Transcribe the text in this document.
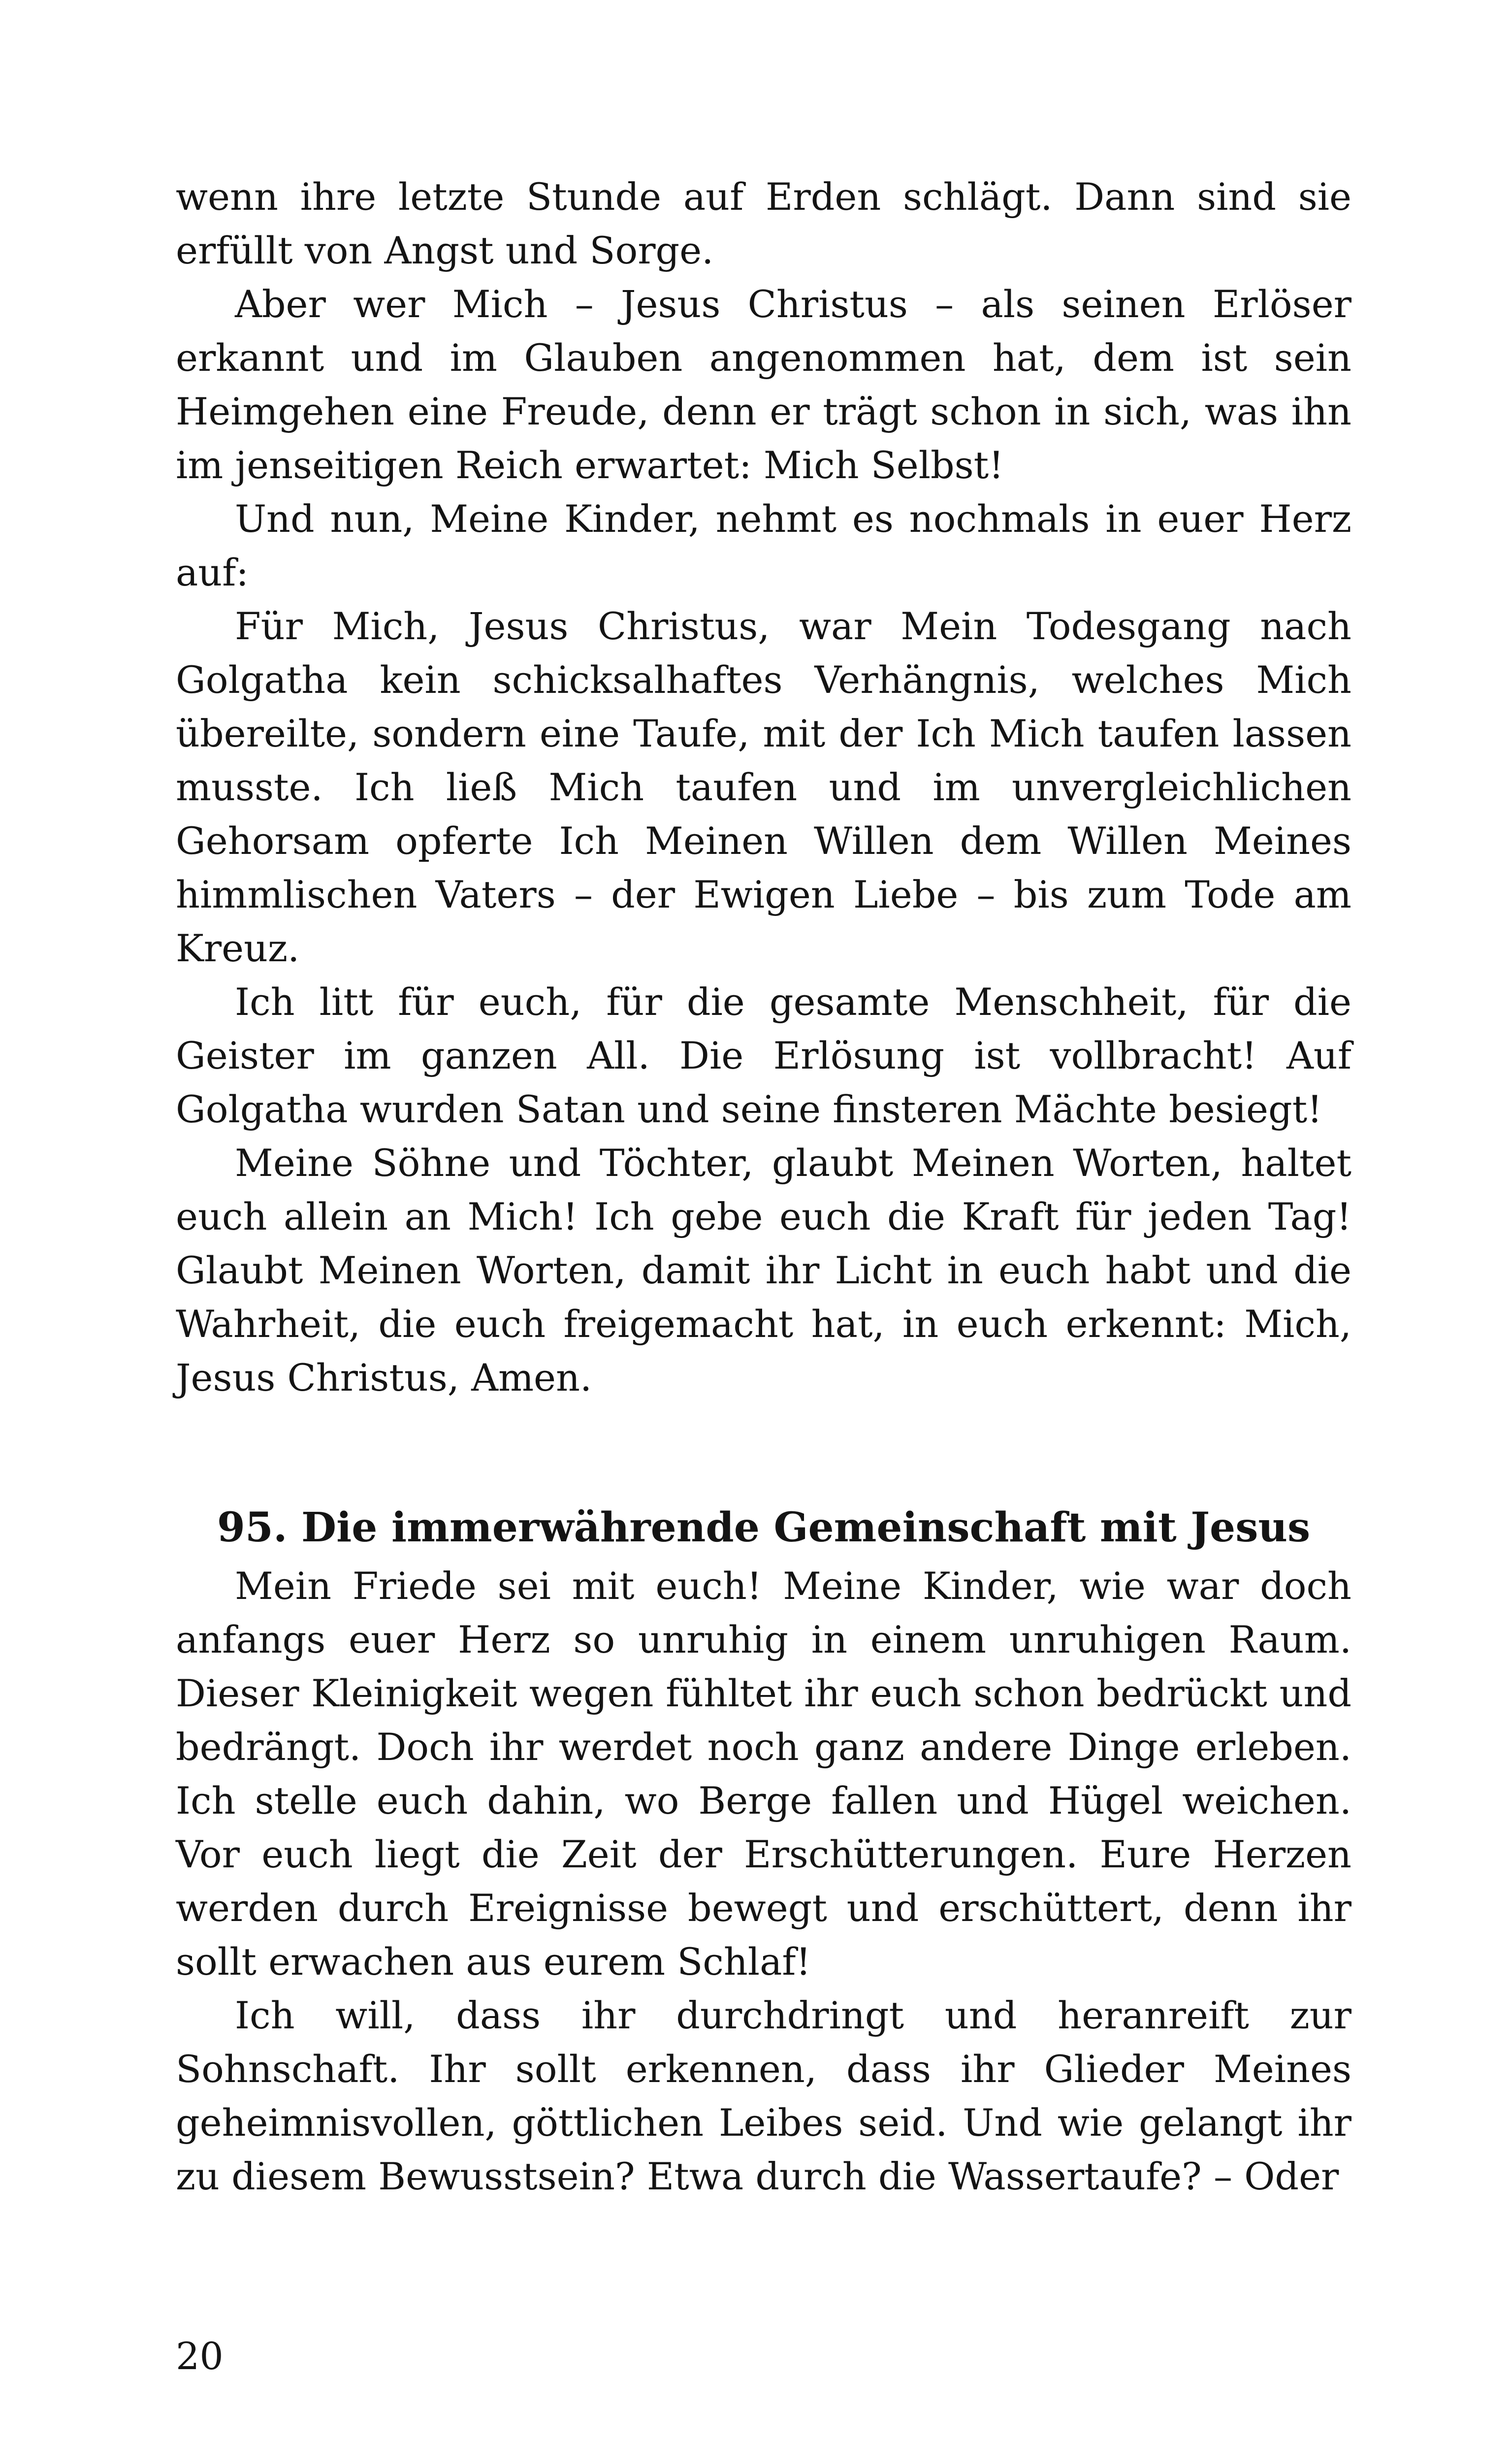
wenn ihre letzte Stunde auf Erden schlägt. Dann sind sie erfüllt von Angst und Sorge.

Aber wer Mich – Jesus Christus – als seinen Erlöser erkannt und im Glauben angenommen hat, dem ist sein Heimgehen eine Freude, denn er trägt schon in sich, was ihn im jenseitigen Reich erwartet: Mich Selbst!

Und nun, Meine Kinder, nehmt es nochmals in euer Herz auf:

Für Mich, Jesus Christus, war Mein Todesgang nach Golgatha kein schicksalhaftes Verhängnis, welches Mich übereilte, sondern eine Taufe, mit der Ich Mich taufen lassen musste. Ich ließ Mich taufen und im unvergleichlichen Gehorsam opferte Ich Meinen Willen dem Willen Meines himmlischen Vaters – der Ewigen Liebe – bis zum Tode am Kreuz.

Ich litt für euch, für die gesamte Menschheit, für die Geister im ganzen All. Die Erlösung ist vollbracht! Auf Golgatha wurden Satan und seine finsteren Mächte besiegt!

Meine Söhne und Töchter, glaubt Meinen Worten, haltet euch allein an Mich! Ich gebe euch die Kraft für jeden Tag! Glaubt Meinen Worten, damit ihr Licht in euch habt und die Wahrheit, die euch freigemacht hat, in euch erkennt: Mich, Jesus Christus, Amen.

95. Die immerwährende Gemeinschaft mit Jesus

Mein Friede sei mit euch! Meine Kinder, wie war doch anfangs euer Herz so unruhig in einem unruhigen Raum. Dieser Kleinigkeit wegen fühltet ihr euch schon bedrückt und bedrängt. Doch ihr werdet noch ganz andere Dinge erleben. Ich stelle euch dahin, wo Berge fallen und Hügel weichen. Vor euch liegt die Zeit der Erschütterungen. Eure Herzen werden durch Ereignisse bewegt und erschüttert, denn ihr sollt erwachen aus eurem Schlaf!

Ich will, dass ihr durchdringt und heranreift zur Sohnschaft. Ihr sollt erkennen, dass ihr Glieder Meines geheimnisvollen, göttlichen Leibes seid. Und wie gelangt ihr zu diesem Bewusstsein? Etwa durch die Wassertaufe? – Oder

20
